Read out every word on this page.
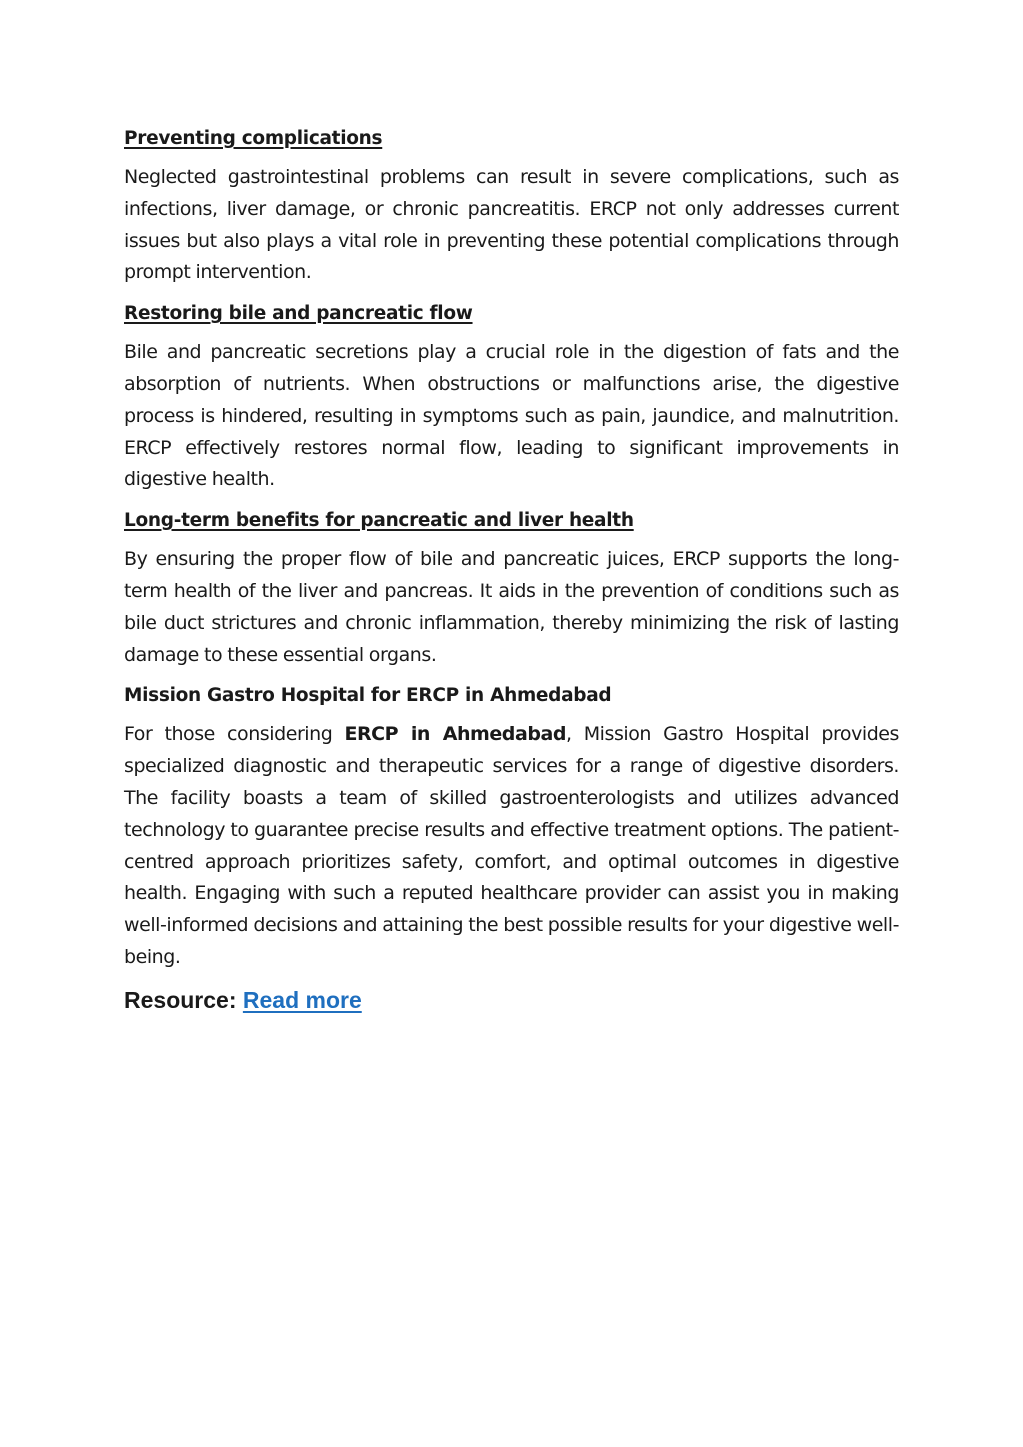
Preventing complications

Neglected gastrointestinal problems can result in severe complications, such as infections, liver damage, or chronic pancreatitis. ERCP not only addresses current issues but also plays a vital role in preventing these potential complications through prompt intervention.

Restoring bile and pancreatic flow

Bile and pancreatic secretions play a crucial role in the digestion of fats and the absorption of nutrients. When obstructions or malfunctions arise, the digestive process is hindered, resulting in symptoms such as pain, jaundice, and malnutrition. ERCP effectively restores normal flow, leading to significant improvements in digestive health.

Long-term benefits for pancreatic and liver health

By ensuring the proper flow of bile and pancreatic juices, ERCP supports the long-term health of the liver and pancreas. It aids in the prevention of conditions such as bile duct strictures and chronic inflammation, thereby minimizing the risk of lasting damage to these essential organs.

Mission Gastro Hospital for ERCP in Ahmedabad

For those considering ERCP in Ahmedabad, Mission Gastro Hospital provides specialized diagnostic and therapeutic services for a range of digestive disorders. The facility boasts a team of skilled gastroenterologists and utilizes advanced technology to guarantee precise results and effective treatment options. The patient-centred approach prioritizes safety, comfort, and optimal outcomes in digestive health. Engaging with such a reputed healthcare provider can assist you in making well-informed decisions and attaining the best possible results for your digestive well-being.

Resource: Read more
